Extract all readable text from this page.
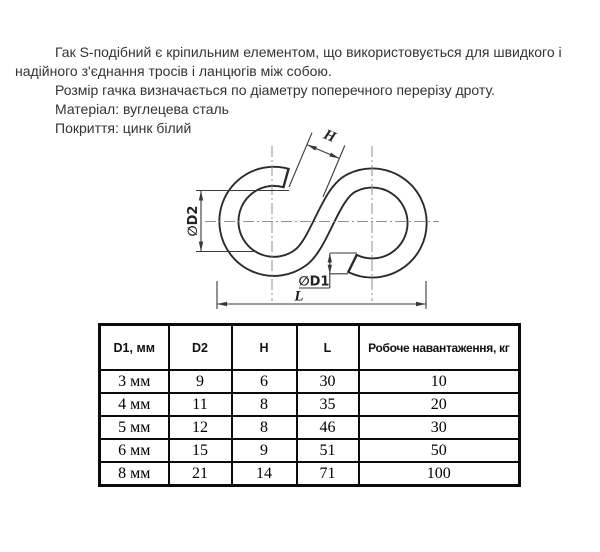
Гак S-подібний є кріпильним елементом, що використовується для швидкого і
надійного з'єднання тросів і ланцюгів між собою.
Розмір гачка визначається по діаметру поперечного перерізу дроту.
Матеріал: вуглецева сталь
Покриття: цинк білий	H
∅D2
∅D1
L
D1, мм	D2	H	L	Робоче навантаження, кг
3 мм	9	6	30	10
4 мм	11	8	35	20
5 мм	12	8	46	30
6 мм	15	9	51	50
8 мм	21	14	71	100
